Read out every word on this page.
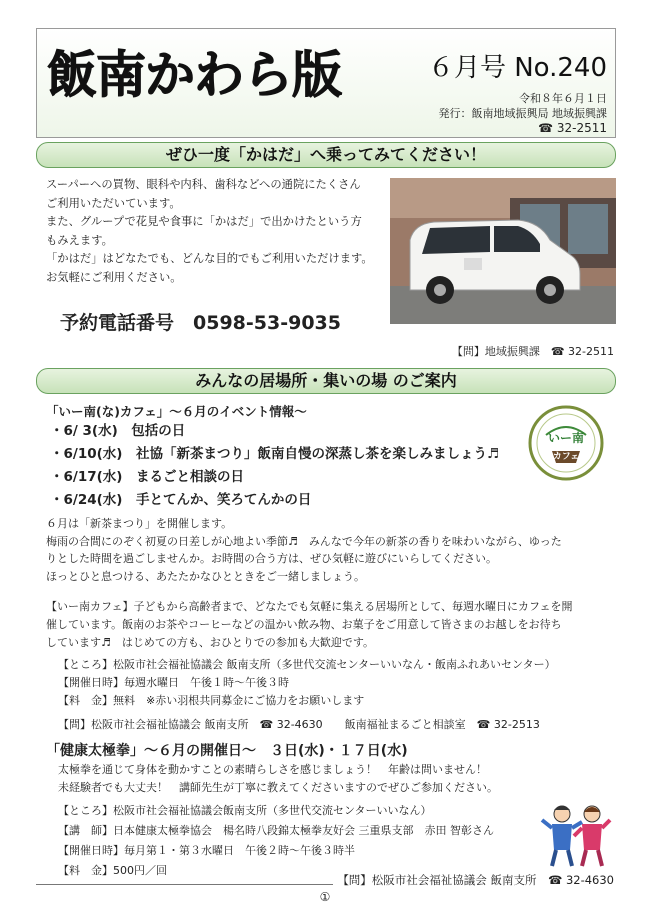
飯南かわら版	６月号 No.240
令和８年６月１日
発行：飯南地域振興局 地域振興課
☎ 32-2511
ぜひ一度「かはだ」へ乗ってみてください！
スーパーへの買物、眼科や内科、歯科などへの通院にたくさん
ご利用いただいています。
また、グループで花見や食事に「かはだ」で出かけたという方
もみえます。
「かはだ」はどなたでも、どんな目的でもご利用いただけます。
お気軽にご利用ください。
予約電話番号　0598-53-9035
【問】地域振興課　☎ 32-2511
みんなの居場所・集いの場 のご案内
「いー南(な)カフェ」～６月のイベント情報～
・6/ 3(水)　包括の日
・6/10(水)　社協「新茶まつり」飯南自慢の深蒸し茶を楽しみましょう♬
・6/17(水)　まるごと相談の日
・6/24(水)　手とてんか、笑ろてんかの日
いー南
カフェ
６月は「新茶まつり」を開催します。
梅雨の合間にのぞく初夏の日差しが心地よい季節♬　みんなで今年の新茶の香りを味わいながら、ゆった
りとした時間を過ごしませんか。お時間の合う方は、ぜひ気軽に遊びにいらしてください。
ほっとひと息つける、あたたかなひとときをご一緒しましょう。
【いー南カフェ】子どもから高齢者まで、どなたでも気軽に集える居場所として、毎週水曜日にカフェを開
催しています。飯南のお茶やコーヒーなどの温かい飲み物、お菓子をご用意して皆さまのお越しをお待ち
しています♬　はじめての方も、おひとりでの参加も大歓迎です。
【ところ】松阪市社会福祉協議会 飯南支所（多世代交流センターいいなん・飯南ふれあいセンター）
【開催日時】毎週水曜日　午後１時～午後３時
【料　金】無料　※赤い羽根共同募金にご協力をお願いします
【問】松阪市社会福祉協議会 飯南支所　☎ 32-4630　　飯南福祉まるごと相談室　☎ 32-2513
「健康太極拳」～６月の開催日～　３日(水)・１７日(水)
太極拳を通じて身体を動かすことの素晴らしさを感じましょう！　年齢は問いません！
未経験者でも大丈夫！　講師先生が丁寧に教えてくださいますのでぜひご参加ください。
【ところ】松阪市社会福祉協議会飯南支所（多世代交流センターいいなん）
【講　師】日本健康太極拳協会　楊名時八段錦太極拳友好会 三重県支部　赤田 智彰さん
【開催日時】毎月第１・第３水曜日　午後２時～午後３時半
【料　金】500円／回
【問】松阪市社会福祉協議会 飯南支所　☎ 32-4630
①
